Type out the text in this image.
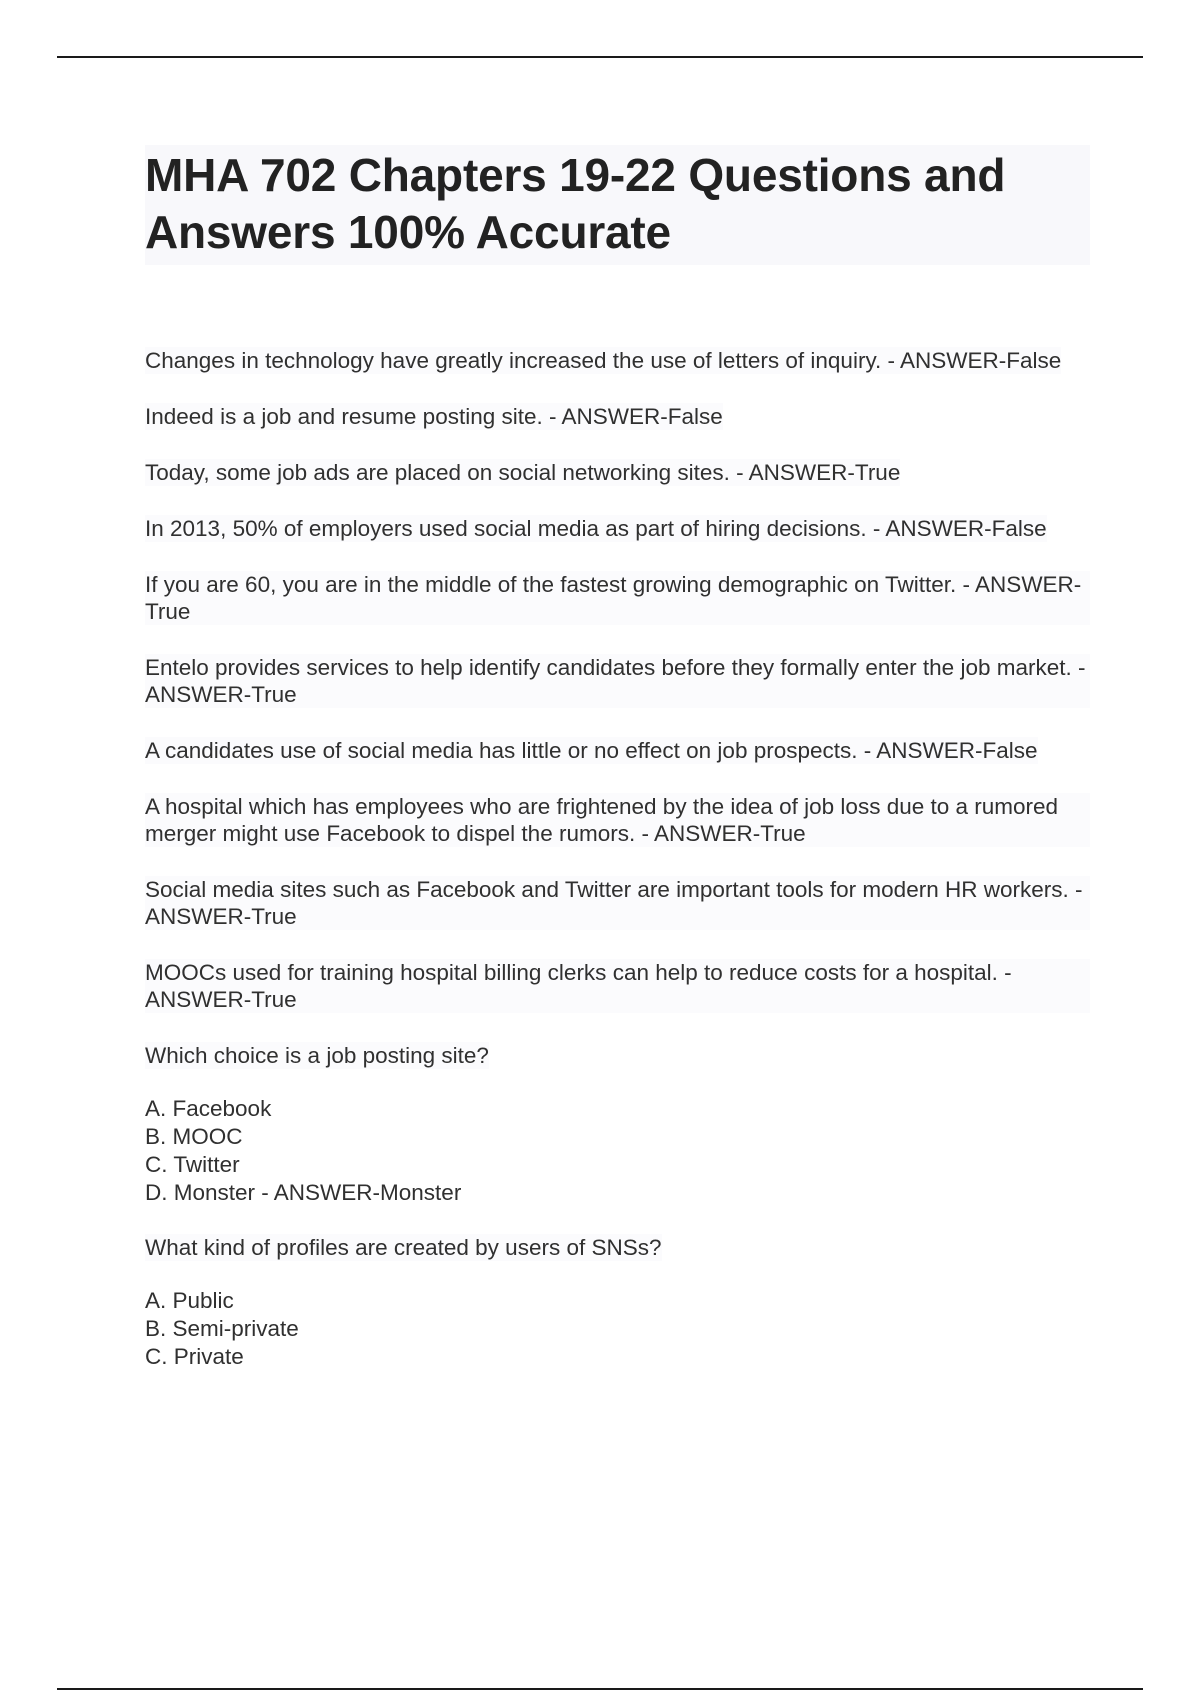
MHA 702 Chapters 19-22 Questions and Answers 100% Accurate

Changes in technology have greatly increased the use of letters of inquiry. - ANSWER-False

Indeed is a job and resume posting site. - ANSWER-False

Today, some job ads are placed on social networking sites. - ANSWER-True

In 2013, 50% of employers used social media as part of hiring decisions. - ANSWER-False

If you are 60, you are in the middle of the fastest growing demographic on Twitter. - ANSWER-True

Entelo provides services to help identify candidates before they formally enter the job market. - ANSWER-True

A candidates use of social media has little or no effect on job prospects. - ANSWER-False

A hospital which has employees who are frightened by the idea of job loss due to a rumored merger might use Facebook to dispel the rumors. - ANSWER-True

Social media sites such as Facebook and Twitter are important tools for modern HR workers. - ANSWER-True

MOOCs used for training hospital billing clerks can help to reduce costs for a hospital. - ANSWER-True

Which choice is a job posting site?

A. Facebook
B. MOOC
C. Twitter
D. Monster - ANSWER-Monster

What kind of profiles are created by users of SNSs?

A. Public
B. Semi-private
C. Private
